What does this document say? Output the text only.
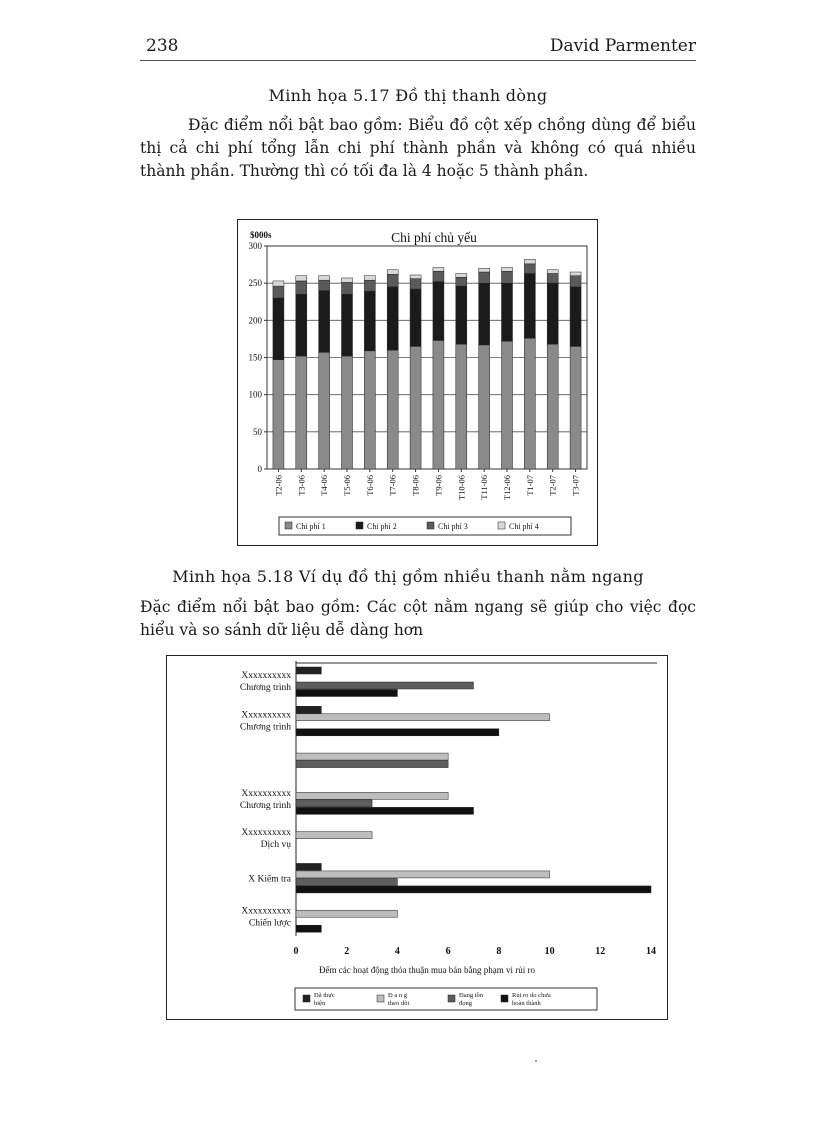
238	David Parmenter
Minh họa 5.17 Đồ thị thanh dòng
Đặc điểm nổi bật bao gồm: Biểu đồ cột xếp chồng dùng để biểu thị cả chi phí tổng lẫn chi phí thành phần và không có quá nhiều thành phần. Thường thì có tối đa là 4 hoặc 5 thành phần.
0
50
100
150
200
250
300
$000s	Chi phí chủ yếu
T2-06 T3-06 T4-06 T5-06 T6-06 T7-06 T8-06 T9-06 T10-06 T11-06 T12-06 T1-07 T2-07 T3-07
Chi phí 1	Chi phí 2	Chi phí 3	Chi phí 4
Minh họa 5.18 Ví dụ đồ thị gồm nhiều thanh nằm ngang
Đặc điểm nổi bật bao gồm: Các cột nằm ngang sẽ giúp cho việc đọc hiểu và so sánh dữ liệu dễ dàng hơn
0	2	4	6	8	10	12	14
Đếm các hoạt động thỏa thuận mua bán bằng phạm vi rủi ro
Xxxxxxxxxx
Chương trình
Xxxxxxxxxx
Chương trình
Xxxxxxxxxx
Chương trình
Xxxxxxxxxx
Dịch vụ
X Kiểm tra
Xxxxxxxxxx
Chiến lược
Đã thực
hiện
Đ a n g
theo dõi
Đang tồn
đọng
Rủi ro do chưa
hoàn thành
